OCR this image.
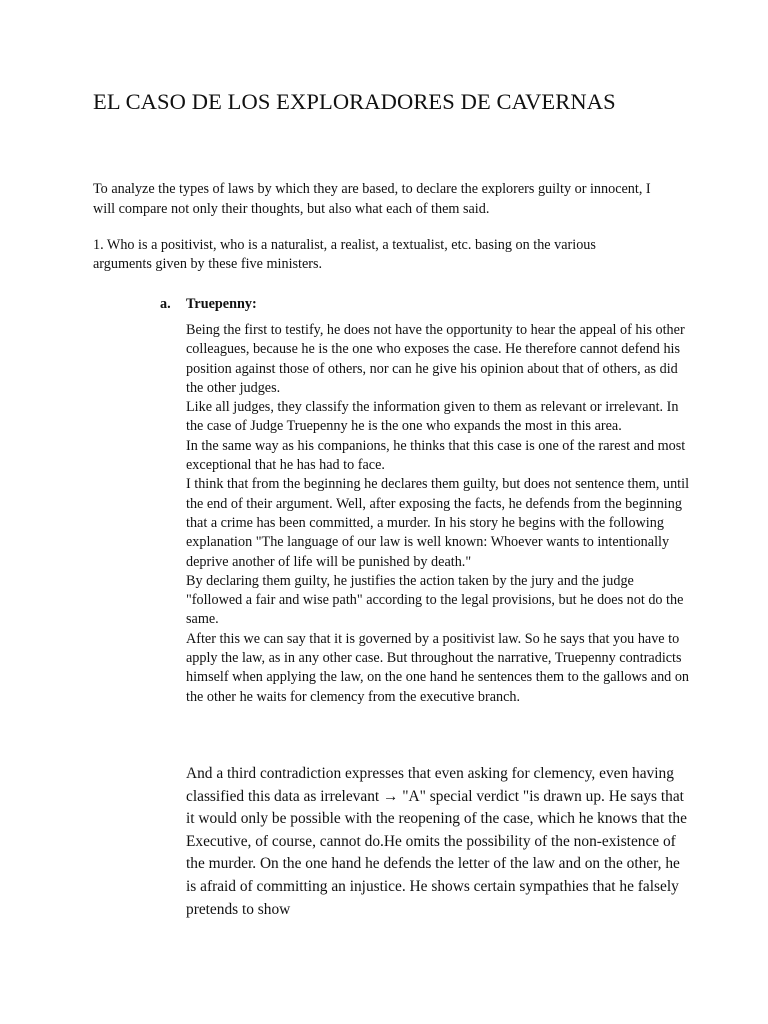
EL CASO DE LOS EXPLORADORES DE CAVERNAS

To analyze the types of laws by which they are based, to declare the explorers guilty or innocent, I will compare not only their thoughts, but also what each of them said.

1. Who is a positivist, who is a naturalist, a realist, a textualist, etc. basing on the various arguments given by these five ministers.

a. Truepenny:

Being the first to testify, he does not have the opportunity to hear the appeal of his other colleagues, because he is the one who exposes the case. He therefore cannot defend his position against those of others, nor can he give his opinion about that of others, as did the other judges.

Like all judges, they classify the information given to them as relevant or irrelevant. In the case of Judge Truepenny he is the one who expands the most in this area.

In the same way as his companions, he thinks that this case is one of the rarest and most exceptional that he has had to face.

I think that from the beginning he declares them guilty, but does not sentence them, until the end of their argument. Well, after exposing the facts, he defends from the beginning that a crime has been committed, a murder. In his story he begins with the following explanation "The language of our law is well known: Whoever wants to intentionally deprive another of life will be punished by death."

By declaring them guilty, he justifies the action taken by the jury and the judge "followed a fair and wise path" according to the legal provisions, but he does not do the same.

After this we can say that it is governed by a positivist law. So he says that you have to apply the law, as in any other case. But throughout the narrative, Truepenny contradicts himself when applying the law, on the one hand he sentences them to the gallows and on the other he waits for clemency from the executive branch.

And a third contradiction expresses that even asking for clemency, even having classified this data as irrelevant → "A" special verdict "is drawn up. He says that it would only be possible with the reopening of the case, which he knows that the Executive, of course, cannot do.He omits the possibility of the non-existence of the murder. On the one hand he defends the letter of the law and on the other, he is afraid of committing an injustice. He shows certain sympathies that he falsely pretends to show
